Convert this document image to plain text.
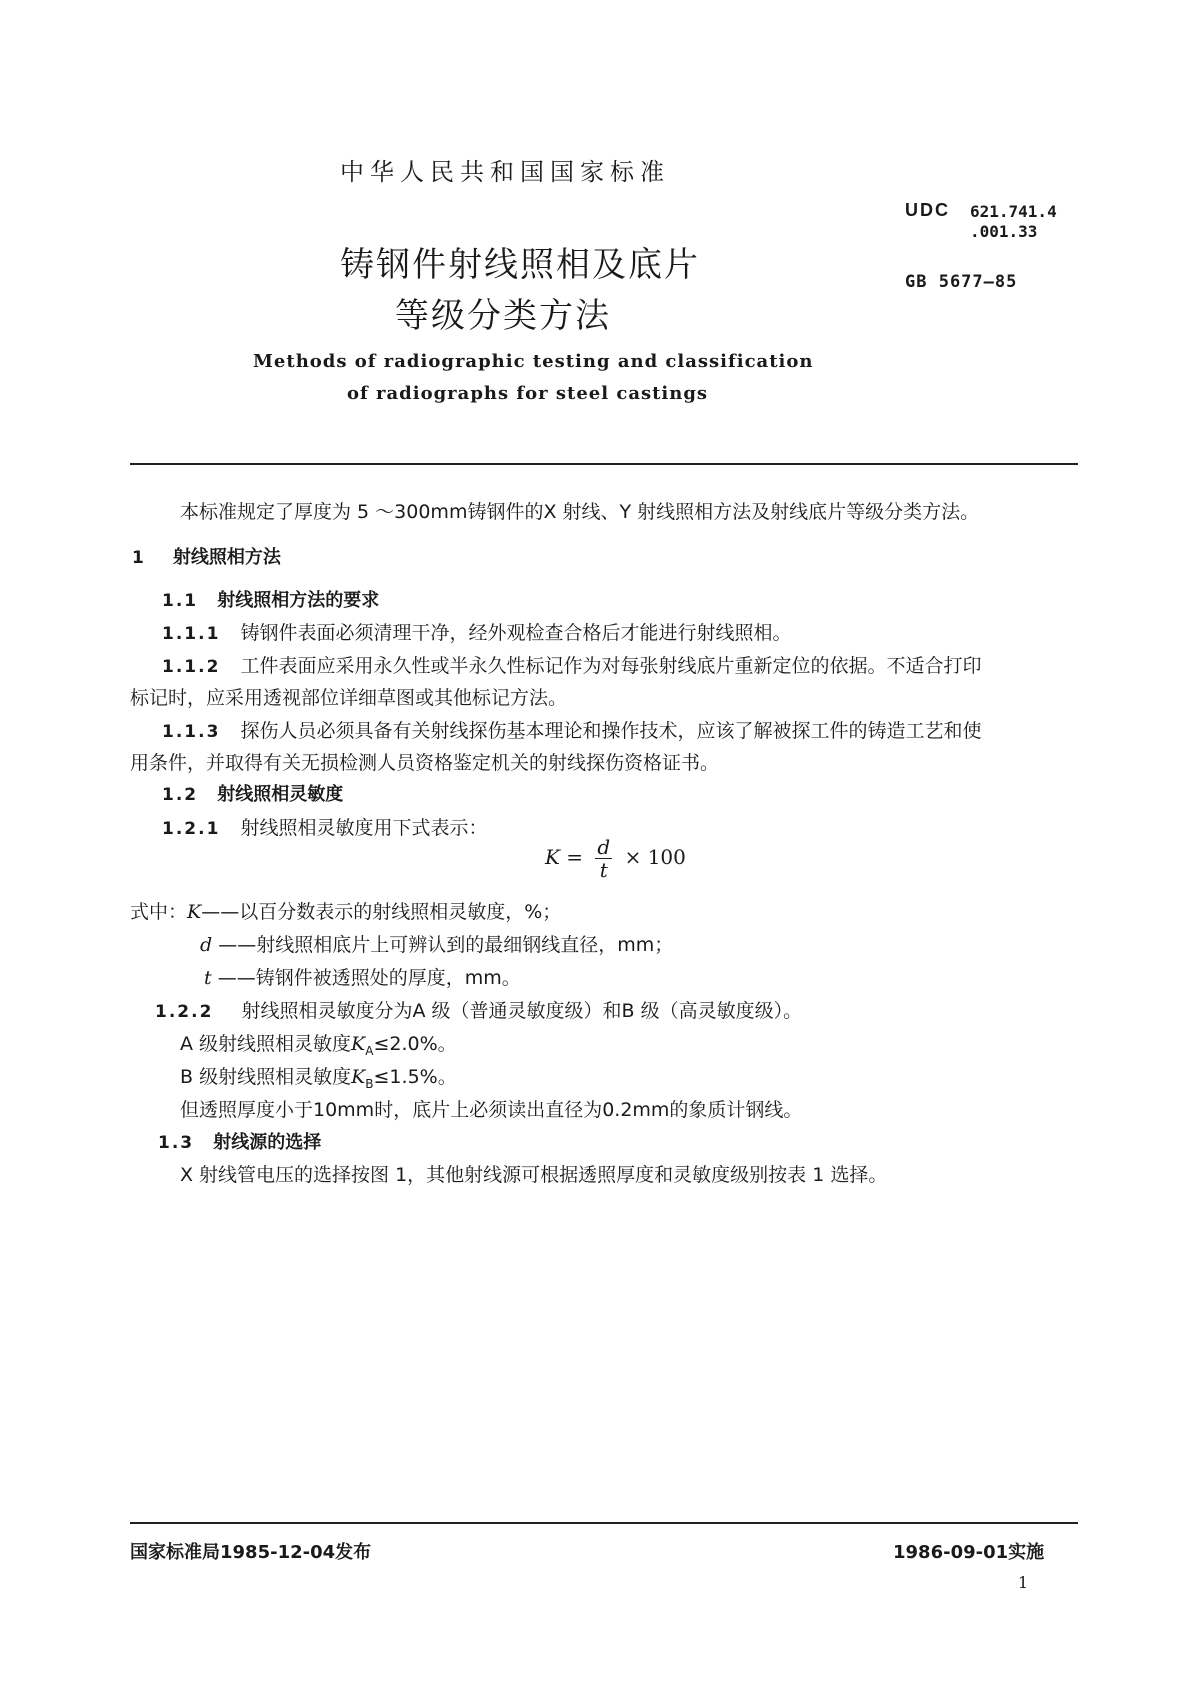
中华人民共和国国家标准
UDC 621.741.4
.001.33
GB 5677—85
铸钢件射线照相及底片
等级分类方法
Methods of radiographic testing and classification
of radiographs for steel castings
本标准规定了厚度为 5 ～300mm铸钢件的X 射线、Y 射线照相方法及射线底片等级分类方法。
1 射线照相方法
1.1 射线照相方法的要求
1.1.1 铸钢件表面必须清理干净，经外观检查合格后才能进行射线照相。
1.1.2 工件表面应采用永久性或半永久性标记作为对每张射线底片重新定位的依据。不适合打印
标记时，应采用透视部位详细草图或其他标记方法。
1.1.3 探伤人员必须具备有关射线探伤基本理论和操作技术，应该了解被探工件的铸造工艺和使
用条件，并取得有关无损检测人员资格鉴定机关的射线探伤资格证书。
1.2 射线照相灵敏度
1.2.1 射线照相灵敏度用下式表示：
$K = \frac{d}{t} \times 100$
式中：K——以百分数表示的射线照相灵敏度，%；
d ——射线照相底片上可辨认到的最细钢线直径，mm；
t ——铸钢件被透照处的厚度，mm。
1.2.2 射线照相灵敏度分为A 级（普通灵敏度级）和B 级（高灵敏度级）。
A 级射线照相灵敏度$K_A\le 2.0\%$。
B 级射线照相灵敏度$K_B\le 1.5\%$。
但透照厚度小于10mm时，底片上必须读出直径为0.2mm的象质计钢线。
1.3 射线源的选择
X 射线管电压的选择按图 1，其他射线源可根据透照厚度和灵敏度级别按表 1 选择。
国家标准局1985-12-04发布	1986-09-01实施
1
